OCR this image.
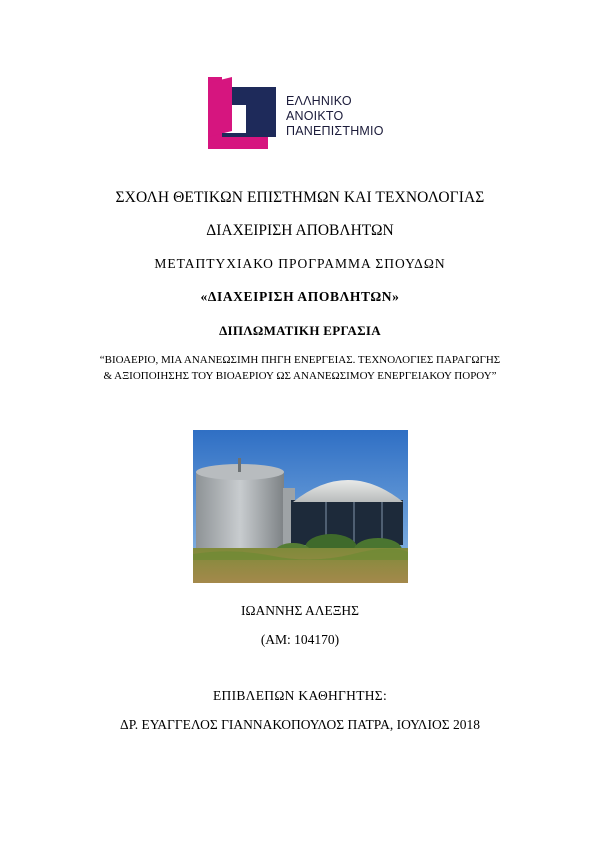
ΕΛΛΗΝΙΚΟ
ΑΝΟΙΚΤΟ
ΠΑΝΕΠΙΣΤΗΜΙΟ
ΣΧΟΛΗ ΘΕΤΙΚΩΝ ΕΠΙΣΤΗΜΩΝ ΚΑΙ ΤΕΧΝΟΛΟΓΙΑΣ
ΔΙΑΧΕΙΡΙΣΗ ΑΠΟΒΛΗΤΩΝ
ΜΕΤΑΠΤΥΧΙΑΚΟ ΠΡΟΓΡΑΜΜΑ ΣΠΟΥΔΩΝ
«ΔΙΑΧΕΙΡΙΣΗ ΑΠΟΒΛΗΤΩΝ»
ΔΙΠΛΩΜΑΤΙΚΗ ΕΡΓΑΣΙΑ
“ΒΙΟΑΕΡΙΟ, ΜΙΑ ΑΝΑΝΕΩΣΙΜΗ ΠΗΓΗ ΕΝΕΡΓΕΙΑΣ. ΤΕΧΝΟΛΟΓΙΕΣ ΠΑΡΑΓΩΓΗΣ
& ΑΞΙΟΠΟΙΗΣΗΣ ΤΟΥ ΒΙΟΑΕΡΙΟΥ ΩΣ ΑΝΑΝΕΩΣΙΜΟΥ ΕΝΕΡΓΕΙΑΚΟΥ ΠΟΡΟΥ”
ΙΩΑΝΝΗΣ ΑΛΕΞΗΣ
(ΑΜ: 104170)
ΕΠΙΒΛΕΠΩΝ ΚΑΘΗΓΗΤΗΣ:
ΔΡ. ΕΥΑΓΓΕΛΟΣ ΓΙΑΝΝΑΚΟΠΟΥΛΟΣ ΠΑΤΡΑ, ΙΟΥΛΙΟΣ 2018
